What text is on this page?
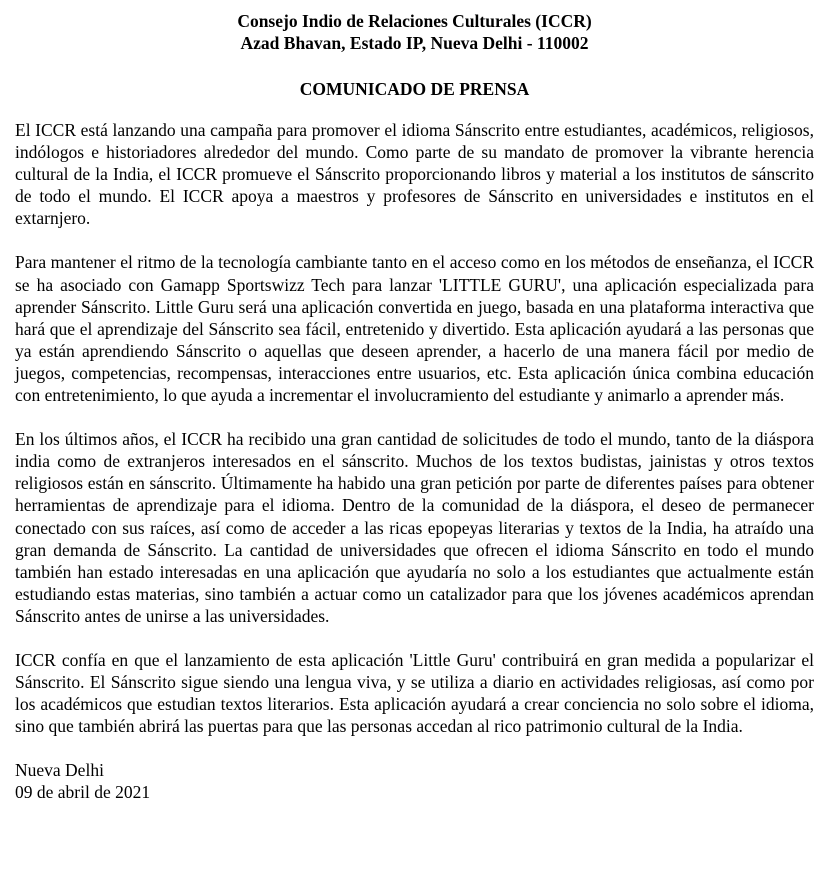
Consejo Indio de Relaciones Culturales (ICCR)

Azad Bhavan, Estado IP, Nueva Delhi - 110002

COMUNICADO DE PRENSA

El ICCR está lanzando una campaña para promover el idioma Sánscrito entre estudiantes, académicos, religiosos, indólogos e historiadores alrededor del mundo. Como parte de su mandato de promover la vibrante herencia cultural de la India, el ICCR promueve el Sánscrito proporcionando libros y material a los institutos de sánscrito de todo el mundo. El ICCR apoya a maestros y profesores de Sánscrito en universidades e institutos en el extarnjero.

Para mantener el ritmo de la tecnología cambiante tanto en el acceso como en los métodos de enseñanza, el ICCR se ha asociado con Gamapp Sportswizz Tech para lanzar 'LITTLE GURU', una aplicación especializada para aprender Sánscrito. Little Guru será una aplicación convertida en juego, basada en una plataforma interactiva que hará que el aprendizaje del Sánscrito sea fácil, entretenido y divertido. Esta aplicación ayudará a las personas que ya están aprendiendo Sánscrito o aquellas que deseen aprender, a hacerlo de una manera fácil por medio de juegos, competencias, recompensas, interacciones entre usuarios, etc. Esta aplicación única combina educación con entretenimiento, lo que ayuda a incrementar el involucramiento del estudiante y animarlo a aprender más.

En los últimos años, el ICCR ha recibido una gran cantidad de solicitudes de todo el mundo, tanto de la diáspora india como de extranjeros interesados en el sánscrito. Muchos de los textos budistas, jainistas y otros textos religiosos están en sánscrito. Últimamente ha habido una gran petición por parte de diferentes países para obtener herramientas de aprendizaje para el idioma. Dentro de la comunidad de la diáspora, el deseo de permanecer conectado con sus raíces, así como de acceder a las ricas epopeyas literarias y textos de la India, ha atraído una gran demanda de Sánscrito. La cantidad de universidades que ofrecen el idioma Sánscrito en todo el mundo también han estado interesadas en una aplicación que ayudaría no solo a los estudiantes que actualmente están estudiando estas materias, sino también a actuar como un catalizador para que los jóvenes académicos aprendan Sánscrito antes de unirse a las universidades.

ICCR confía en que el lanzamiento de esta aplicación 'Little Guru' contribuirá en gran medida a popularizar el Sánscrito. El Sánscrito sigue siendo una lengua viva, y se utiliza a diario en actividades religiosas, así como por los académicos que estudian textos literarios. Esta aplicación ayudará a crear conciencia no solo sobre el idioma, sino que también abrirá las puertas para que las personas accedan al rico patrimonio cultural de la India.

Nueva Delhi

09 de abril de 2021
